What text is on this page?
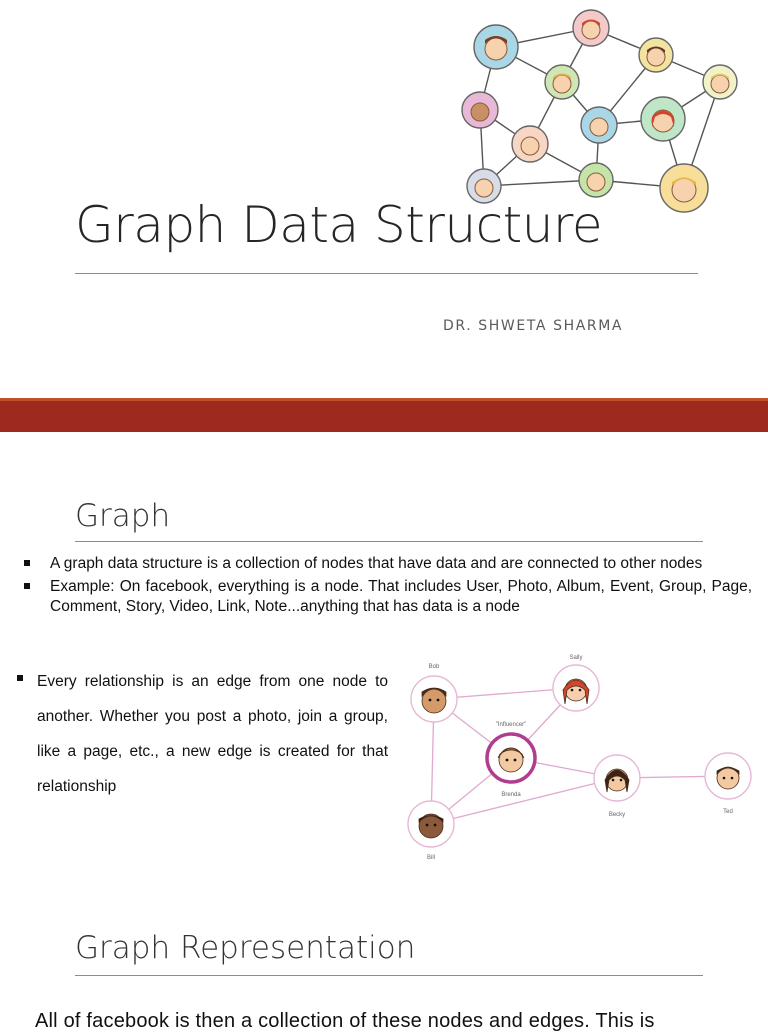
Graph Data Structure
DR. SHWETA SHARMA
Graph
A graph data structure is a collection of nodes that have data and are connected to other nodes
Example: On facebook, everything is a node. That includes User, Photo, Album, Event, Group, Page, Comment, Story, Video, Link, Note...anything that has data is a node
Every relationship is an edge from one node to another. Whether you post a photo, join a group, like a page, etc., a new edge is created for that relationship
Bob
Sally
"Influencer"
Brenda
Becky	Ted
Bill
Graph Representation
All of facebook is then a collection of these nodes and edges. This is
